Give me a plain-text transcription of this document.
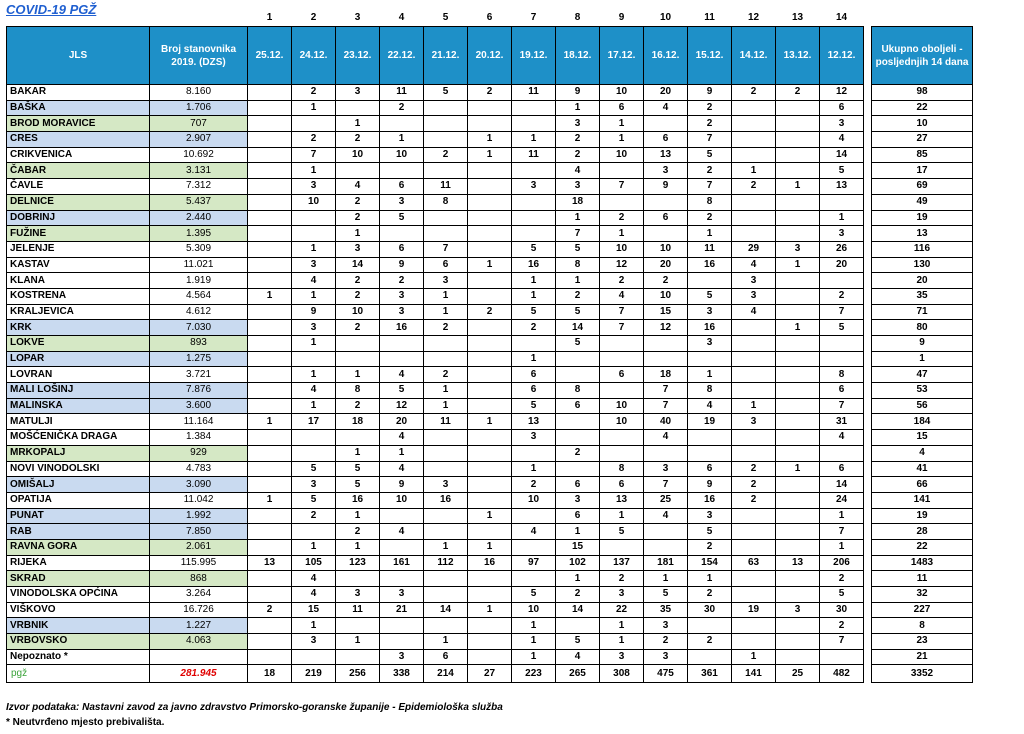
COVID-19 PGŽ
		1	2	3	4	5	6	7	8	9	10	11	12	13	14		
JLS	Broj stanovnika 2019. (DZS)	25.12.	24.12.	23.12.	22.12.	21.12.	20.12.	19.12.	18.12.	17.12.	16.12.	15.12.	14.12.	13.12.	12.12.		Ukupno oboljeli - posljednjih 14 dana
BAKAR	8.160		2	3	11	5	2	11	9	10	20	9	2	2	12		98
BAŠKA	1.706		1		2				1	6	4	2			6		22
BROD MORAVICE	707			1					3	1		2			3		10
CRES	2.907		2	2	1		1	1	2	1	6	7			4		27
CRIKVENICA	10.692		7	10	10	2	1	11	2	10	13	5			14		85
ČABAR	3.131		1						4		3	2	1		5		17
ČAVLE	7.312		3	4	6	11		3	3	7	9	7	2	1	13		69
DELNICE	5.437		10	2	3	8			18			8					49
DOBRINJ	2.440			2	5				1	2	6	2			1		19
FUŽINE	1.395			1					7	1		1			3		13
JELENJE	5.309		1	3	6	7		5	5	10	10	11	29	3	26		116
KASTAV	11.021		3	14	9	6	1	16	8	12	20	16	4	1	20		130
KLANA	1.919		4	2	2	3		1	1	2	2		3				20
KOSTRENA	4.564	1	1	2	3	1		1	2	4	10	5	3		2		35
KRALJEVICA	4.612		9	10	3	1	2	5	5	7	15	3	4		7		71
KRK	7.030		3	2	16	2		2	14	7	12	16		1	5		80
LOKVE	893		1						5			3					9
LOPAR	1.275							1									1
LOVRAN	3.721		1	1	4	2		6		6	18	1			8		47
MALI LOŠINJ	7.876		4	8	5	1		6	8		7	8			6		53
MALINSKA	3.600		1	2	12	1		5	6	10	7	4	1		7		56
MATULJI	11.164	1	17	18	20	11	1	13		10	40	19	3		31		184
MOŠĆENIČKA DRAGA	1.384				4			3			4				4		15
MRKOPALJ	929			1	1				2								4
NOVI VINODOLSKI	4.783		5	5	4			1		8	3	6	2	1	6		41
OMIŠALJ	3.090		3	5	9	3		2	6	6	7	9	2		14		66
OPATIJA	11.042	1	5	16	10	16		10	3	13	25	16	2		24		141
PUNAT	1.992		2	1			1		6	1	4	3			1		19
RAB	7.850			2	4			4	1	5		5			7		28
RAVNA GORA	2.061		1	1		1	1		15			2			1		22
RIJEKA	115.995	13	105	123	161	112	16	97	102	137	181	154	63	13	206		1483
SKRAD	868		4						1	2	1	1			2		11
VINODOLSKA OPĆINA	3.264		4	3	3			5	2	3	5	2			5		32
VIŠKOVO	16.726	2	15	11	21	14	1	10	14	22	35	30	19	3	30		227
VRBNIK	1.227		1					1		1	3				2		8
VRBOVSKO	4.063		3	1		1		1	5	1	2	2			7		23
Nepoznato *					3	6		1	4	3	3		1				21
pgž	281.945	18	219	256	338	214	27	223	265	308	475	361	141	25	482		3352
Izvor podataka: Nastavni zavod za javno zdravstvo Primorsko-goranske županije - Epidemiološka služba
* Neutvrđeno mjesto prebivališta.
